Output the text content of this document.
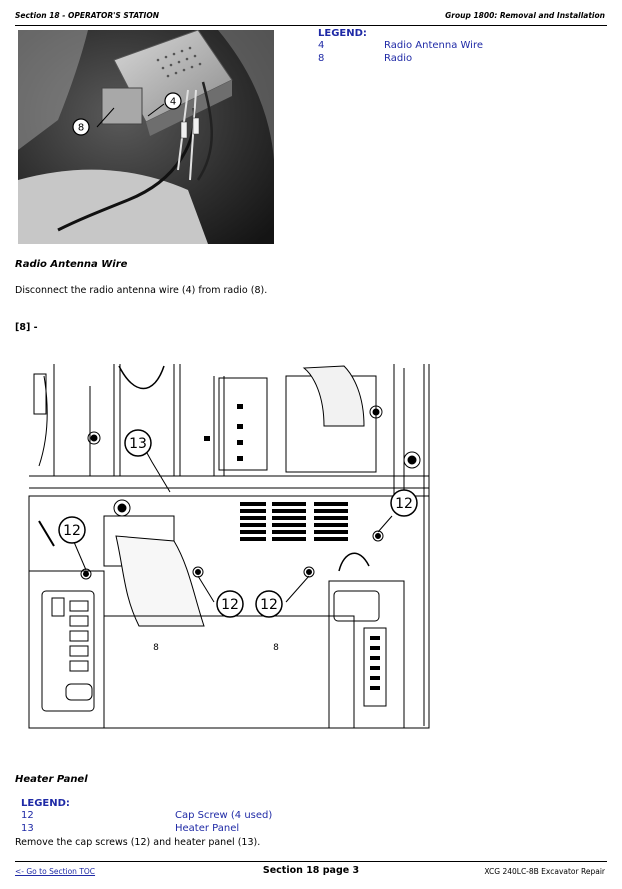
Section 18 - OPERATOR'S STATION	Group 1800: Removal and Installation
4
8
LEGEND:
4	Radio Antenna Wire
8	Radio
Radio Antenna Wire
Disconnect the radio antenna wire (4) from radio (8).
[8] -
13
12
12 12
12
8	8
Heater Panel
LEGEND:
12	Cap Screw (4 used)
13	Heater Panel
Remove the cap screws (12) and heater panel (13).
<- Go to Section TOC	Section 18 page 3	XCG 240LC-8B Excavator Repair
